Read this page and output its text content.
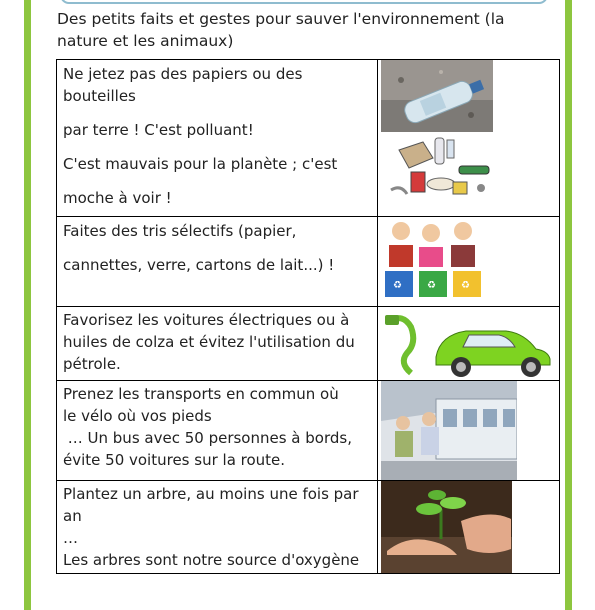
Des petits faits et gestes pour sauver l'environnement (la nature et les animaux)
Ne jetez pas des papiers ou des bouteilles
par terre ! C'est polluant!
C'est mauvais pour la planète ; c'est
moche à voir !
Faites des tris sélectifs (papier,
cannettes, verre, cartons de lait...) !
♻	♻	♻
Favorisez les voitures électriques ou à
huiles de colza et évitez l'utilisation du
pétrole.
Prenez les transports en commun où
le vélo où vos pieds
… Un bus avec 50 personnes à bords,
évite 50 voitures sur la route.
Plantez un arbre, au moins une fois par an
…
Les arbres sont notre source d'oxygène
